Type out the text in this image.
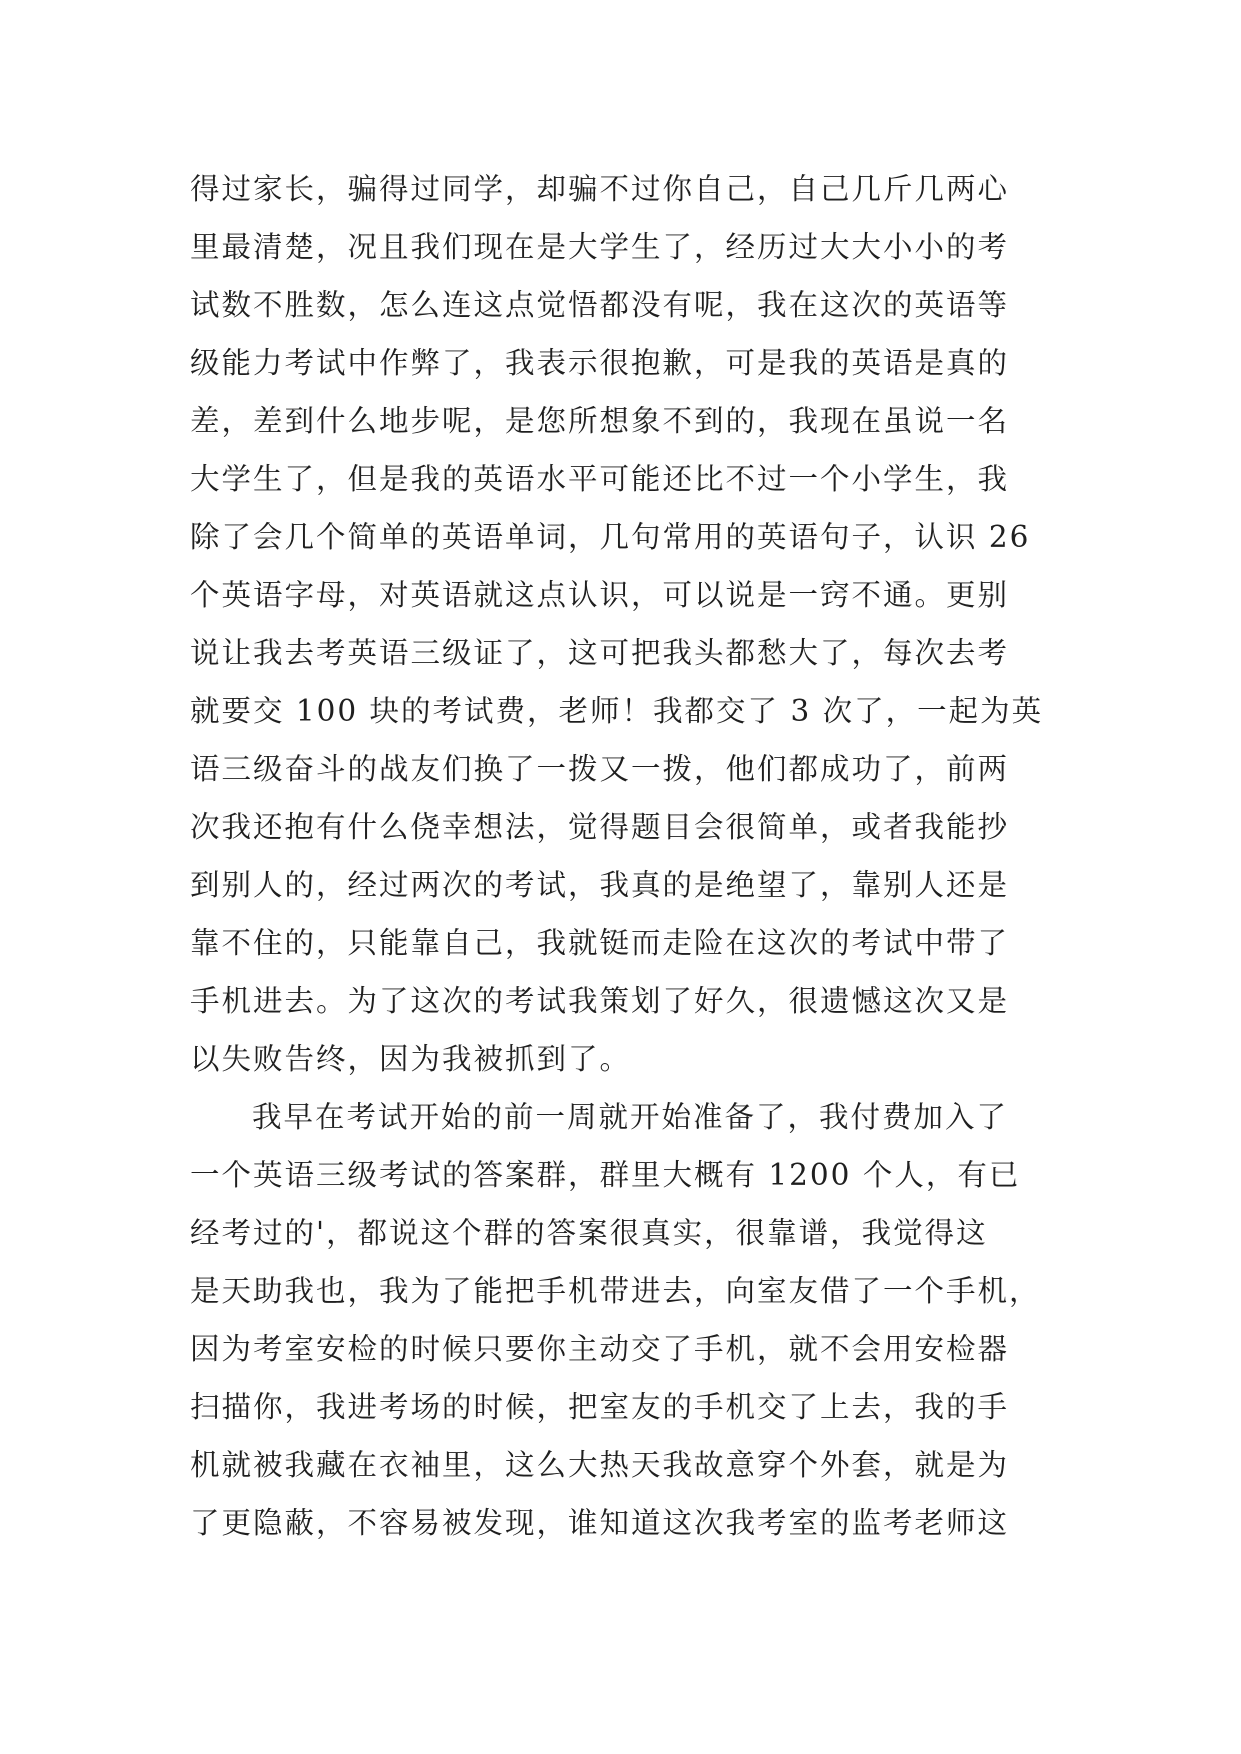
得过家长，骗得过同学，却骗不过你自己，自己几斤几两心
里最清楚，况且我们现在是大学生了，经历过大大小小的考
试数不胜数，怎么连这点觉悟都没有呢，我在这次的英语等
级能力考试中作弊了，我表示很抱歉，可是我的英语是真的
差，差到什么地步呢，是您所想象不到的，我现在虽说一名
大学生了，但是我的英语水平可能还比不过一个小学生，我
除了会几个简单的英语单词，几句常用的英语句子，认识 26
个英语字母，对英语就这点认识，可以说是一窍不通。更别
说让我去考英语三级证了，这可把我头都愁大了，每次去考
就要交 100 块的考试费，老师！我都交了 3 次了，一起为英
语三级奋斗的战友们换了一拨又一拨，他们都成功了，前两
次我还抱有什么侥幸想法，觉得题目会很简单，或者我能抄
到别人的，经过两次的考试，我真的是绝望了，靠别人还是
靠不住的，只能靠自己，我就铤而走险在这次的考试中带了
手机进去。为了这次的考试我策划了好久，很遗憾这次又是
以失败告终，因为我被抓到了。
我早在考试开始的前一周就开始准备了，我付费加入了
一个英语三级考试的答案群，群里大概有 1200 个人，有已
经考过的'，都说这个群的答案很真实，很靠谱，我觉得这
是天助我也，我为了能把手机带进去，向室友借了一个手机，
因为考室安检的时候只要你主动交了手机，就不会用安检器
扫描你，我进考场的时候，把室友的手机交了上去，我的手
机就被我藏在衣袖里，这么大热天我故意穿个外套，就是为
了更隐蔽，不容易被发现，谁知道这次我考室的监考老师这
